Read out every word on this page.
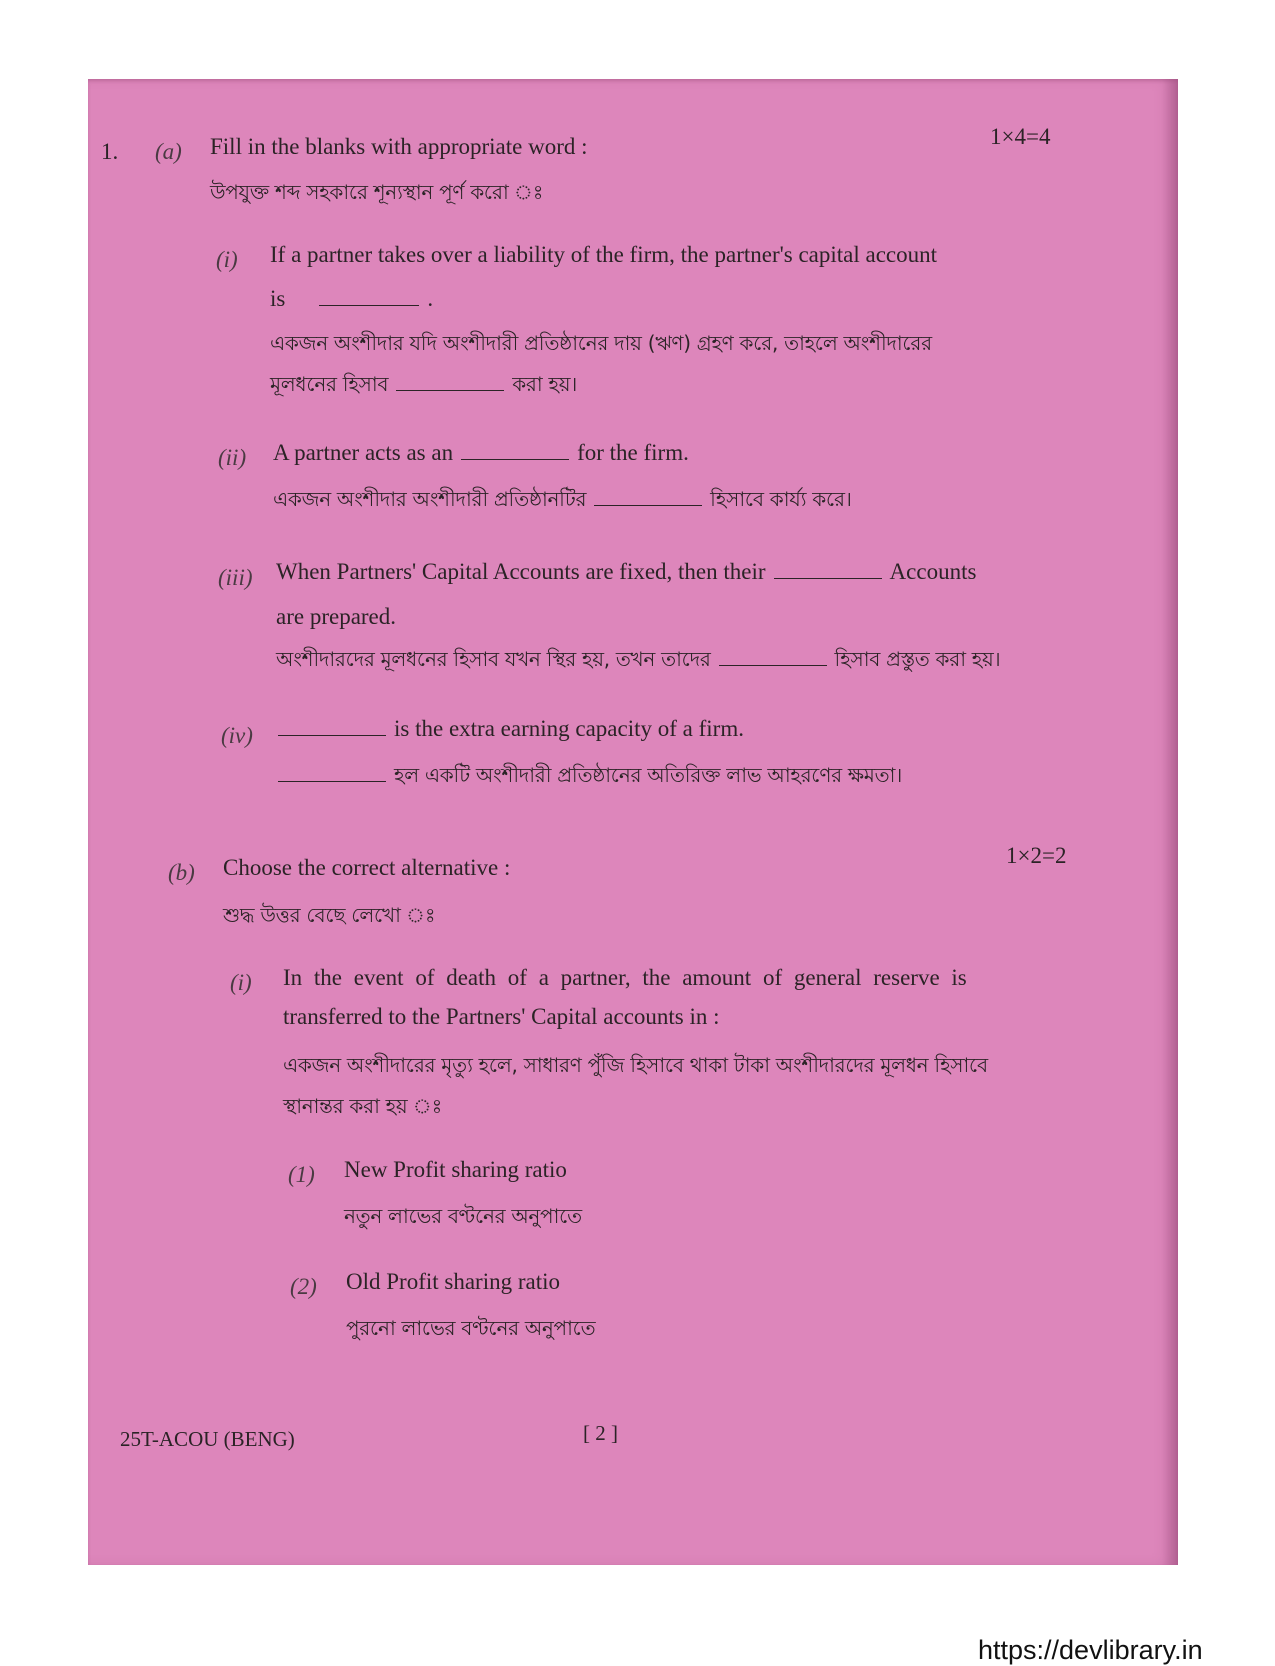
1. (a) Fill in the blanks with appropriate word :	1×4=4
উপযুক্ত শব্দ সহকারে শূন্যস্থান পূর্ণ করো ঃ
(i) If a partner takes over a liability of the firm, the partner's capital account
is	.
একজন অংশীদার যদি অংশীদারী প্রতিষ্ঠানের দায় (ঋণ) গ্রহণ করে, তাহলে অংশীদারের
মূলধনের হিসাব	করা হয়।
(ii) A partner acts as an	for the firm.
একজন অংশীদার অংশীদারী প্রতিষ্ঠানটির	হিসাবে কার্য্য করে।
(iii) When Partners' Capital Accounts are fixed, then their	Accounts
are prepared.
অংশীদারদের মূলধনের হিসাব যখন স্থির হয়, তখন তাদের	হিসাব প্রস্তুত করা হয়।
(iv)	is the extra earning capacity of a firm.
হল একটি অংশীদারী প্রতিষ্ঠানের অতিরিক্ত লাভ আহরণের ক্ষমতা।
(b) Choose the correct alternative :	1×2=2
শুদ্ধ উত্তর বেছে লেখো ঃ
(i) In the event of death of a partner, the amount of general reserve is
transferred to the Partners' Capital accounts in :
একজন অংশীদারের মৃত্যু হলে, সাধারণ পুঁজি হিসাবে থাকা টাকা অংশীদারদের মূলধন হিসাবে
স্থানান্তর করা হয় ঃ
(1) New Profit sharing ratio
নতুন লাভের বণ্টনের অনুপাতে
(2) Old Profit sharing ratio
পুরনো লাভের বণ্টনের অনুপাতে
25T-ACOU (BENG)	[ 2 ]
https://devlibrary.in
